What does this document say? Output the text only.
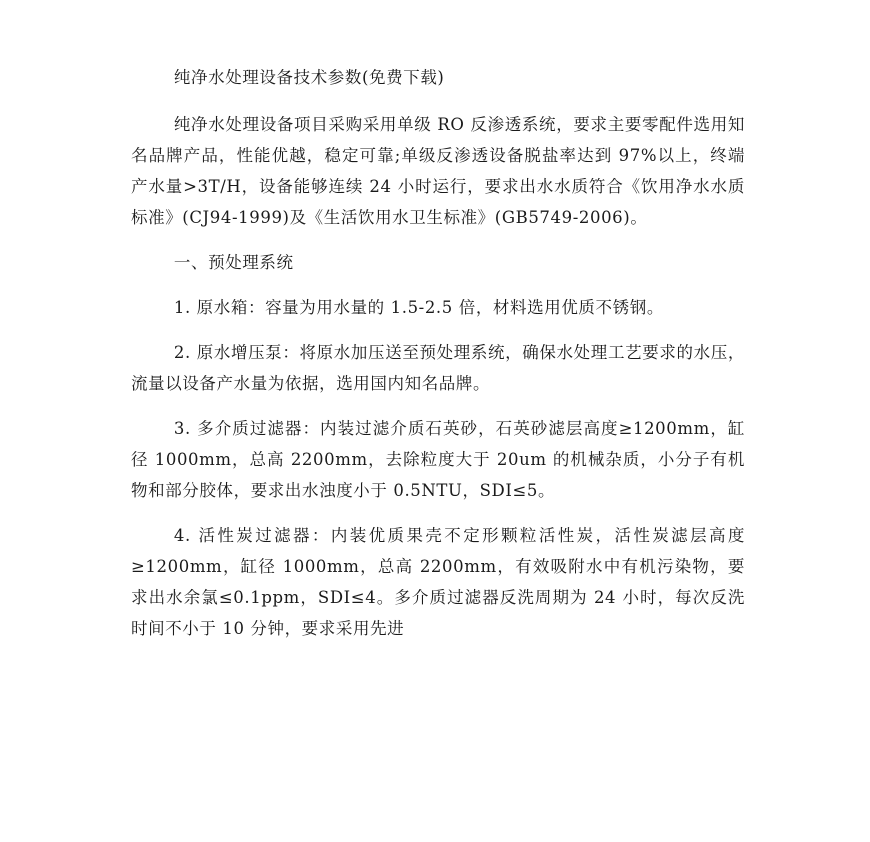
纯净水处理设备技术参数(免费下载)

纯净水处理设备项目采购采用单级 RO 反渗透系统，要求主要零配件选用知名品牌产品，性能优越，稳定可靠;单级反渗透设备脱盐率达到 97%以上，终端产水量>3T/H，设备能够连续 24 小时运行，要求出水水质符合《饮用净水水质标准》(CJ94-1999)及《生活饮用水卫生标准》(GB5749-2006)。

一、预处理系统

1. 原水箱：容量为用水量的 1.5-2.5 倍，材料选用优质不锈钢。

2. 原水增压泵：将原水加压送至预处理系统，确保水处理工艺要求的水压，流量以设备产水量为依据，选用国内知名品牌。

3. 多介质过滤器：内装过滤介质石英砂，石英砂滤层高度≥1200mm，缸径 1000mm，总高 2200mm，去除粒度大于 20um 的机械杂质，小分子有机物和部分胶体，要求出水浊度小于 0.5NTU，SDI≤5。

4. 活性炭过滤器：内装优质果壳不定形颗粒活性炭，活性炭滤层高度≥1200mm，缸径 1000mm，总高 2200mm，有效吸附水中有机污染物，要求出水余氯≤0.1ppm，SDI≤4。多介质过滤器反洗周期为 24 小时，每次反洗时间不小于 10 分钟，要求采用先进
